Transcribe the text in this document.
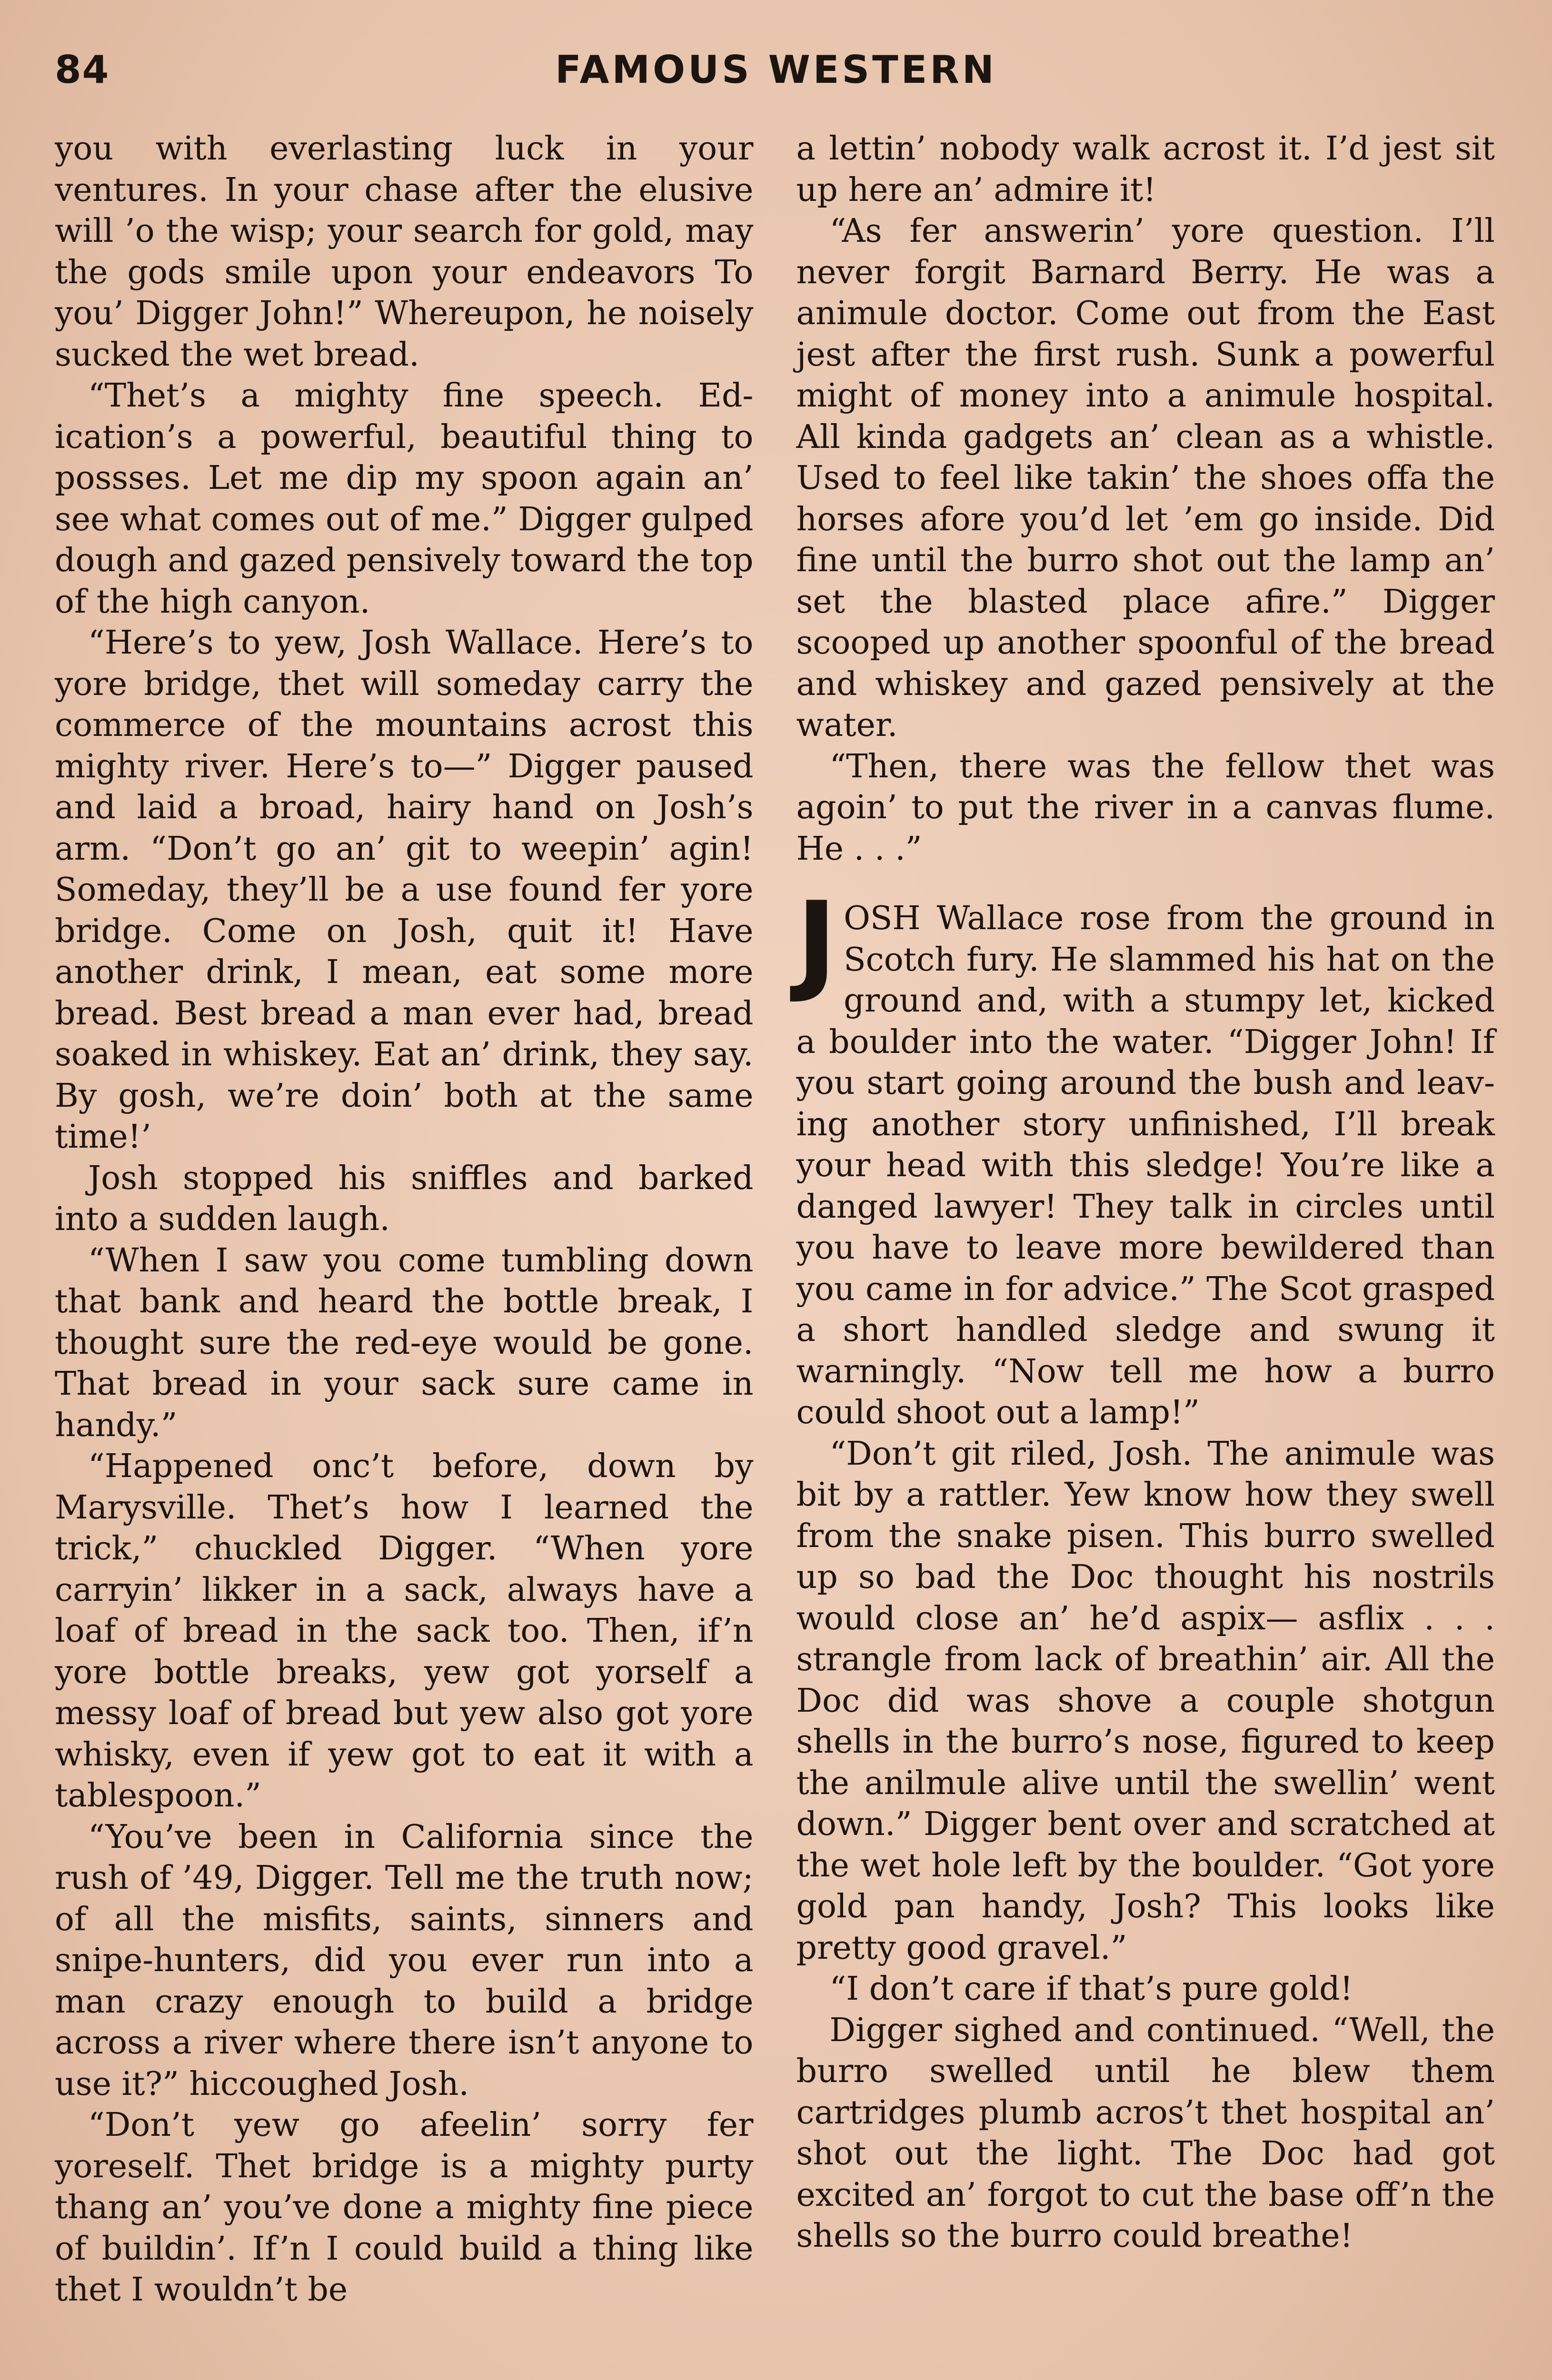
84	FAMOUS WESTERN

you with everlasting luck in your ventures. In your chase after the elusive will ’o the wisp; your search for gold, may the gods smile upon your endeavors To you’ Digger John!” Whereupon, he noisely sucked the wet bread.

“Thet’s a mighty fine speech. Edication’s a powerful, beautiful thing to possses. Let me dip my spoon again an’ see what comes out of me.” Digger gulped dough and gazed pensively toward the top of the high canyon.

“Here’s to yew, Josh Wallace. Here’s to yore bridge, thet will someday carry the commerce of the mountains acrost this mighty river. Here’s to—” Digger paused and laid a broad, hairy hand on Josh’s arm. “Don’t go an’ git to weepin’ agin! Someday, they’ll be a use found fer yore bridge. Come on Josh, quit it! Have another drink, I mean, eat some more bread. Best bread a man ever had, bread soaked in whiskey. Eat an’ drink, they say. By gosh, we’re doin’ both at the same time!’

Josh stopped his sniffles and barked into a sudden laugh.

“When I saw you come tumbling down that bank and heard the bottle break, I thought sure the red-eye would be gone. That bread in your sack sure came in handy.”

“Happened onc’t before, down by Marysville. Thet’s how I learned the trick,” chuckled Digger. “When yore carryin’ likker in a sack, always have a loaf of bread in the sack too. Then, if’n yore bottle breaks, yew got yorself a messy loaf of bread but yew also got yore whisky, even if yew got to eat it with a tablespoon.”

“You’ve been in California since the rush of ’49, Digger. Tell me the truth now; of all the misfits, saints, sinners and snipe-hunters, did you ever run into a man crazy enough to build a bridge across a river where there isn’t anyone to use it?” hiccoughed Josh.

“Don’t yew go afeelin’ sorry fer yoreself. Thet bridge is a mighty purty thang an’ you’ve done a mighty fine piece of buildin’. If’n I could build a thing like thet I wouldn’t be

a lettin’ nobody walk acrost it. I’d jest sit up here an’ admire it!

“As fer answerin’ yore question. I’ll never forgit Barnard Berry. He was a animule doctor. Come out from the East jest after the first rush. Sunk a powerful might of money into a animule hospital. All kinda gadgets an’ clean as a whistle. Used to feel like takin’ the shoes offa the horses afore you’d let ’em go inside. Did fine until the burro shot out the lamp an’ set the blasted place afire.” Digger scooped up another spoonful of the bread and whiskey and gazed pensively at the water.

“Then, there was the fellow thet was agoin’ to put the river in a canvas flume. He . . .”

JOSH Wallace rose from the ground in Scotch fury. He slammed his hat on the ground and, with a stumpy let, kicked a boulder into the water. “Digger John! If you start going around the bush and leaving another story unfinished, I’ll break your head with this sledge! You’re like a danged lawyer! They talk in circles until you have to leave more bewildered than you came in for advice.” The Scot grasped a short handled sledge and swung it warningly. “Now tell me how a burro could shoot out a lamp!”

“Don’t git riled, Josh. The animule was bit by a rattler. Yew know how they swell from the snake pisen. This burro swelled up so bad the Doc thought his nostrils would close an’ he’d aspix— asflix . . . strangle from lack of breathin’ air. All the Doc did was shove a couple shotgun shells in the burro’s nose, figured to keep the anilmule alive until the swellin’ went down.” Digger bent over and scratched at the wet hole left by the boulder. “Got yore gold pan handy, Josh? This looks like pretty good gravel.”

“I don’t care if that’s pure gold!

Digger sighed and continued. “Well, the burro swelled until he blew them cartridges plumb acros’t thet hospital an’ shot out the light. The Doc had got excited an’ forgot to cut the base off’n the shells so the burro could breathe!
